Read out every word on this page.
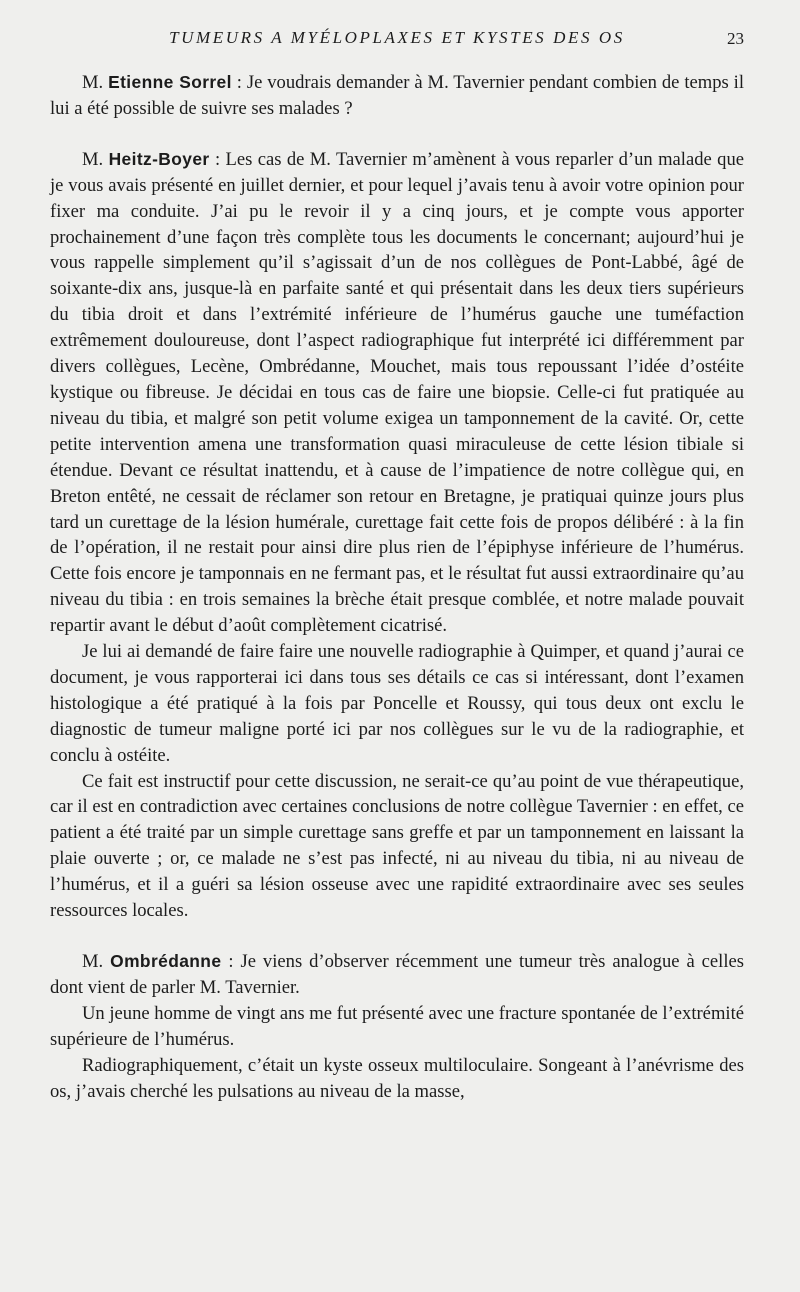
TUMEURS A MYÉLOPLAXES ET KYSTES DES OS	23

M. Etienne Sorrel : Je voudrais demander à M. Tavernier pendant combien de temps il lui a été possible de suivre ses malades ?

M. Heitz-Boyer : Les cas de M. Tavernier m’amènent à vous reparler d’un malade que je vous avais présenté en juillet dernier, et pour lequel j’avais tenu à avoir votre opinion pour fixer ma conduite. J’ai pu le revoir il y a cinq jours, et je compte vous apporter prochainement d’une façon très complète tous les documents le concernant; aujourd’hui je vous rappelle simplement qu’il s’agissait d’un de nos collègues de Pont-Labbé, âgé de soixante-dix ans, jusque-là en parfaite santé et qui présentait dans les deux tiers supérieurs du tibia droit et dans l’extrémité inférieure de l’humérus gauche une tuméfaction extrêmement douloureuse, dont l’aspect radiographique fut interprété ici différemment par divers collègues, Lecène, Ombrédanne, Mouchet, mais tous repoussant l’idée d’ostéite kystique ou fibreuse. Je décidai en tous cas de faire une biopsie. Celle-ci fut pratiquée au niveau du tibia, et malgré son petit volume exigea un tamponnement de la cavité. Or, cette petite intervention amena une transformation quasi miraculeuse de cette lésion tibiale si étendue. Devant ce résultat inattendu, et à cause de l’impatience de notre collègue qui, en Breton entêté, ne cessait de réclamer son retour en Bretagne, je pratiquai quinze jours plus tard un curettage de la lésion humérale, curettage fait cette fois de propos délibéré : à la fin de l’opération, il ne restait pour ainsi dire plus rien de l’épiphyse inférieure de l’humérus. Cette fois encore je tamponnais en ne fermant pas, et le résultat fut aussi extraordinaire qu’au niveau du tibia : en trois semaines la brèche était presque comblée, et notre malade pouvait repartir avant le début d’août complètement cicatrisé.

Je lui ai demandé de faire faire une nouvelle radiographie à Quimper, et quand j’aurai ce document, je vous rapporterai ici dans tous ses détails ce cas si intéressant, dont l’examen histologique a été pratiqué à la fois par Poncelle et Roussy, qui tous deux ont exclu le diagnostic de tumeur maligne porté ici par nos collègues sur le vu de la radiographie, et conclu à ostéite.

Ce fait est instructif pour cette discussion, ne serait-ce qu’au point de vue thérapeutique, car il est en contradiction avec certaines conclusions de notre collègue Tavernier : en effet, ce patient a été traité par un simple curettage sans greffe et par un tamponnement en laissant la plaie ouverte ; or, ce malade ne s’est pas infecté, ni au niveau du tibia, ni au niveau de l’humérus, et il a guéri sa lésion osseuse avec une rapidité extraordinaire avec ses seules ressources locales.

M. Ombrédanne : Je viens d’observer récemment une tumeur très analogue à celles dont vient de parler M. Tavernier.

Un jeune homme de vingt ans me fut présenté avec une fracture spontanée de l’extrémité supérieure de l’humérus.

Radiographiquement, c’était un kyste osseux multiloculaire. Songeant à l’anévrisme des os, j’avais cherché les pulsations au niveau de la masse,
